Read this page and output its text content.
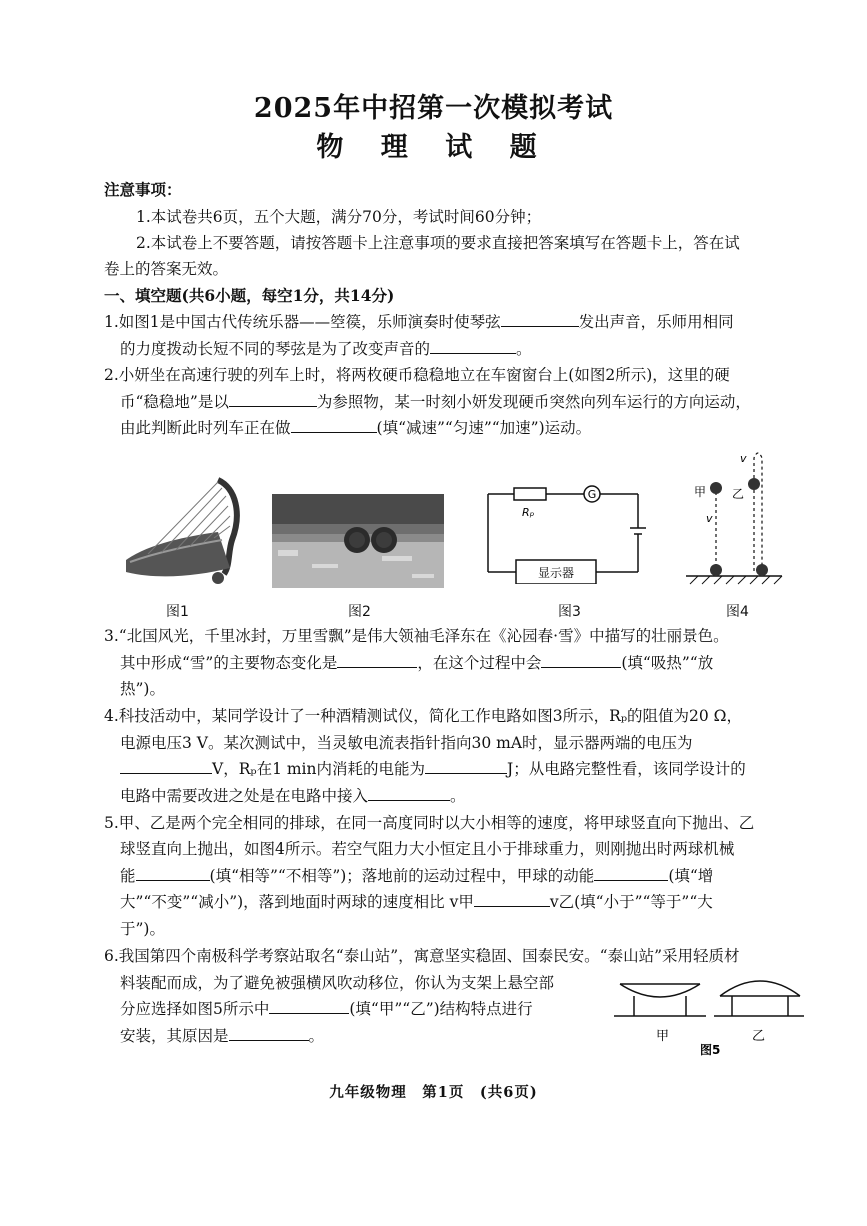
2025年中招第一次模拟考试
物 理 试 题
注意事项：
1.本试卷共6页，五个大题，满分70分，考试时间60分钟；
2.本试卷上不要答题，请按答题卡上注意事项的要求直接把答案填写在答题卡上，答在试
卷上的答案无效。
一、填空题(共6小题，每空1分，共14分)
1.如图1是中国古代传统乐器——箜篌，乐师演奏时使琴弦	发出声音，乐师用相同
的力度拨动长短不同的琴弦是为了改变声音的	。
2.小妍坐在高速行驶的列车上时，将两枚硬币稳稳地立在车窗窗台上(如图2所示)，这里的硬
币“稳稳地”是以	为参照物，某一时刻小妍发现硬币突然向列车运行的方向运动，
由此判断此时列车正在做	(填“减速”“匀速”“加速”)运动。
图1	图2
Rₚ
G
显示器
图3
甲 乙
v
v
图4
3.“北国风光，千里冰封，万里雪飘”是伟大领袖毛泽东在《沁园春·雪》中描写的壮丽景色。
其中形成“雪”的主要物态变化是	，在这个过程中会	(填“吸热”“放
热”)。
4.科技活动中，某同学设计了一种酒精测试仪，简化工作电路如图3所示，Rₚ的阻值为20 Ω，
电源电压3 V。某次测试中，当灵敏电流表指针指向30 mA时，显示器两端的电压为
V，Rₚ在1 min内消耗的电能为	J；从电路完整性看，该同学设计的
电路中需要改进之处是在电路中接入	。
5.甲、乙是两个完全相同的排球，在同一高度同时以大小相等的速度，将甲球竖直向下抛出、乙
球竖直向上抛出，如图4所示。若空气阻力大小恒定且小于排球重力，则刚抛出时两球机械
能	(填“相等”“不相等”)；落地前的运动过程中，甲球的动能	(填“增
大”“不变”“减小”)，落到地面时两球的速度相比 v甲	v乙(填“小于”“等于”“大
于”)。
6.我国第四个南极科学考察站取名“泰山站”，寓意坚实稳固、国泰民安。“泰山站”采用轻质材
料装配而成，为了避免被强横风吹动移位，你认为支架上悬空部
分应选择如图5所示中	(填“甲”“乙”)结构特点进行
安装，其原因是	。	甲	乙
图5
九年级物理　第1页　(共6页)
